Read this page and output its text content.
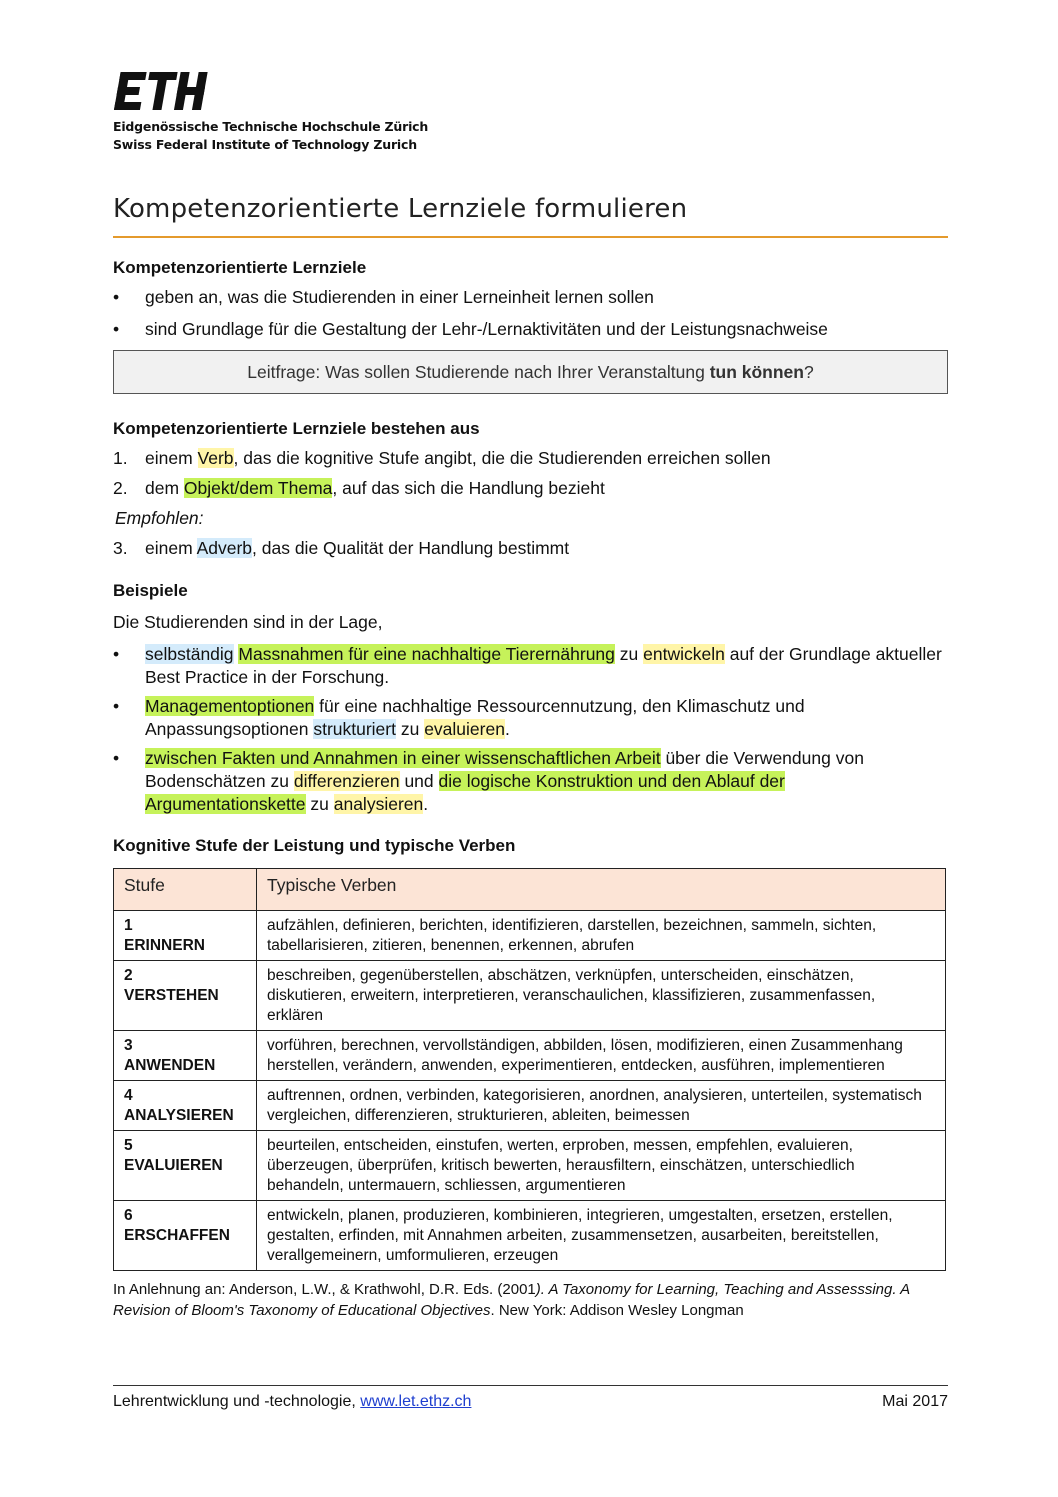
Eidgenössische Technische Hochschule Zürich
Swiss Federal Institute of Technology Zurich
Kompetenzorientierte Lernziele formulieren
Kompetenzorientierte Lernziele
• geben an, was die Studierenden in einer Lerneinheit lernen sollen
• sind Grundlage für die Gestaltung der Lehr-/Lernaktivitäten und der Leistungsnachweise
Leitfrage: Was sollen Studierende nach Ihrer Veranstaltung tun können?
Kompetenzorientierte Lernziele bestehen aus
1. einem Verb, das die kognitive Stufe angibt, die die Studierenden erreichen sollen
2. dem Objekt/dem Thema, auf das sich die Handlung bezieht
Empfohlen:
3. einem Adverb, das die Qualität der Handlung bestimmt
Beispiele
Die Studierenden sind in der Lage,
• selbständig Massnahmen für eine nachhaltige Tierernährung zu entwickeln auf der Grundlage aktueller Best Practice in der Forschung.
• Managementoptionen für eine nachhaltige Ressourcennutzung, den Klimaschutz und Anpassungsoptionen strukturiert zu evaluieren.
• zwischen Fakten und Annahmen in einer wissenschaftlichen Arbeit über die Verwendung von Bodenschätzen zu differenzieren und die logische Konstruktion und den Ablauf der Argumentationskette zu analysieren.
Kognitive Stufe der Leistung und typische Verben
Stufe	Typische Verben

1
ERINNERN	aufzählen, definieren, berichten, identifizieren, darstellen, bezeichnen, sammeln, sichten, tabellarisieren, zitieren, benennen, erkennen, abrufen

2
VERSTEHEN	beschreiben, gegenüberstellen, abschätzen, verknüpfen, unterscheiden, einschätzen, diskutieren, erweitern, interpretieren, veranschaulichen, klassifizieren, zusammenfassen, erklären

3
ANWENDEN	vorführen, berechnen, vervollständigen, abbilden, lösen, modifizieren, einen Zusammenhang herstellen, verändern, anwenden, experimentieren, entdecken, ausführen, implementieren

4
ANALYSIEREN	auftrennen, ordnen, verbinden, kategorisieren, anordnen, analysieren, unterteilen, systematisch vergleichen, differenzieren, strukturieren, ableiten, beimessen

5
EVALUIEREN	beurteilen, entscheiden, einstufen, werten, erproben, messen, empfehlen, evaluieren, überzeugen, überprüfen, kritisch bewerten, herausfiltern, einschätzen, unterschiedlich behandeln, untermauern, schliessen, argumentieren

6
ERSCHAFFEN	entwickeln, planen, produzieren, kombinieren, integrieren, umgestalten, ersetzen, erstellen, gestalten, erfinden, mit Annahmen arbeiten, zusammensetzen, ausarbeiten, bereitstellen, verallgemeinern, umformulieren, erzeugen
In Anlehnung an: Anderson, L.W., & Krathwohl, D.R. Eds. (2001). A Taxonomy for Learning, Teaching and Assesssing. A Revision of Bloom's Taxonomy of Educational Objectives. New York: Addison Wesley Longman
Lehrentwicklung und -technologie, www.let.ethz.ch	Mai 2017
